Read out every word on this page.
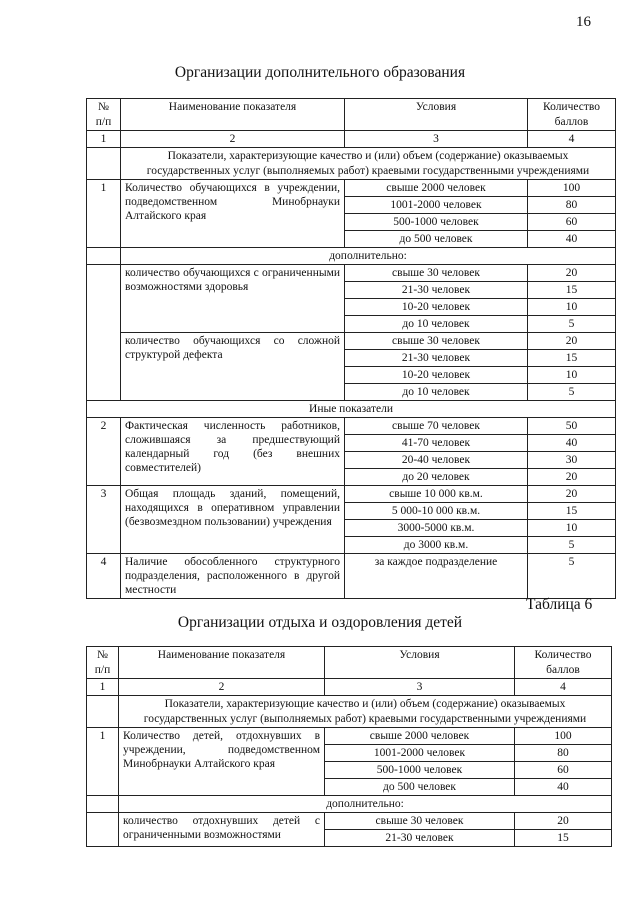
16
Организации дополнительного образования
№
п/п	Наименование показателя	Условия	Количество
баллов
1	2	3	4
	Показатели, характеризующие качество и (или) объем (содержание) оказываемых государственных услуг (выполняемых работ) краевыми государственными учреждениями		
1	Количество обучающихся в учреждении, подведомственном Минобрнауки Алтайского края	свыше 2000 человек	100
		1001-2000 человек	80
		500-1000 человек	60
		до 500 человек	40
	дополнительно:		
	количество обучающихся с ограниченными возможностями здоровья	свыше 30 человек	20
		21-30 человек	15
		10-20 человек	10
		до 10 человек	5
	количество обучающихся со сложной структурой дефекта	свыше 30 человек	20
		21-30 человек	15
		10-20 человек	10
		до 10 человек	5
Иные показатели			
2	Фактическая численность работников, сложившаяся за предшествующий календарный год (без внешних совместителей)	свыше 70 человек	50
		41-70 человек	40
		20-40 человек	30
		до 20 человек	20
3	Общая площадь зданий, помещений, находящихся в оперативном управлении (безвозмездном пользовании) учреждения	свыше 10 000 кв.м.	20
		5 000-10 000 кв.м.	15
		3000-5000 кв.м.	10
		до 3000 кв.м.	5
4	Наличие обособленного структурного подразделения, расположенного в другой местности	за каждое подразделение	5
Таблица 6
Организации отдыха и оздоровления детей
№
п/п	Наименование показателя	Условия	Количество
баллов
1	2	3	4
	Показатели, характеризующие качество и (или) объем (содержание) оказываемых государственных услуг (выполняемых работ) краевыми государственными учреждениями		
1	Количество детей, отдохнувших в учреждении, подведомственном Минобрнауки Алтайского края	свыше 2000 человек	100
		1001-2000 человек	80
		500-1000 человек	60
		до 500 человек	40
	дополнительно:		
	количество отдохнувших детей с ограниченными возможностями	свыше 30 человек	20
		21-30 человек	15
